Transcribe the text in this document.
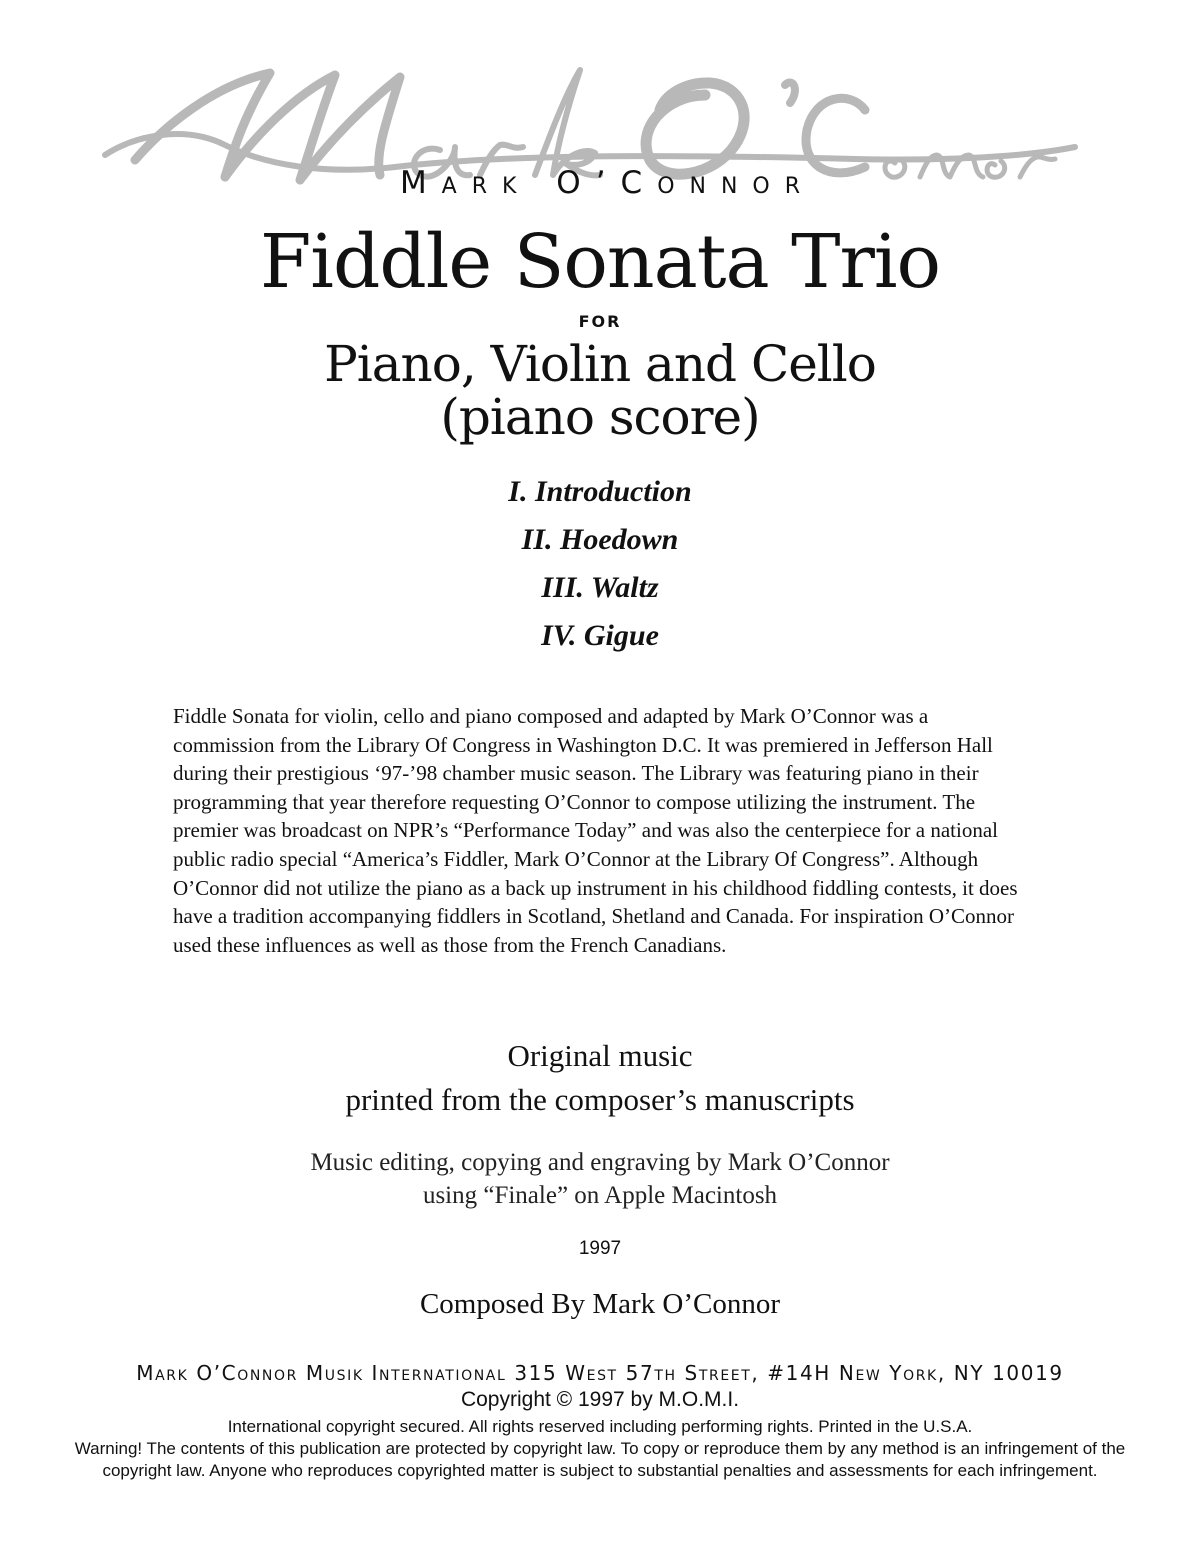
Mark O’Connor
Fiddle Sonata Trio
FOR
Piano, Violin and Cello
(piano score)
I. Introduction
II. Hoedown
III. Waltz
IV. Gigue

Fiddle Sonata for violin, cello and piano composed and adapted by Mark O’Connor was a commission from the Library Of Congress in Washington D.C. It was premiered in Jefferson Hall during their prestigious ‘97-’98 chamber music season. The Library was featuring piano in their programming that year therefore requesting O’Connor to compose utilizing the instrument. The premier was broadcast on NPR’s “Performance Today” and was also the centerpiece for a national public radio special “America’s Fiddler, Mark O’Connor at the Library Of Congress”. Although O’Connor did not utilize the piano as a back up instrument in his childhood fiddling contests, it does have a tradition accompanying fiddlers in Scotland, Shetland and Canada. For inspiration O’Connor used these influences as well as those from the French Canadians.

Original music
printed from the composer’s manuscripts
Music editing, copying and engraving by Mark O’Connor
using “Finale” on Apple Macintosh
1997
Composed By Mark O’Connor
Mark O’Connor Musik International 315 West 57th Street, #14H New York, NY 10019
Copyright © 1997 by M.O.M.I.

International copyright secured. All rights reserved including performing rights. Printed in the U.S.A.

Warning! The contents of this publication are protected by copyright law. To copy or reproduce them by any method is an infringement of the copyright law. Anyone who reproduces copyrighted matter is subject to substantial penalties and assessments for each infringement.
